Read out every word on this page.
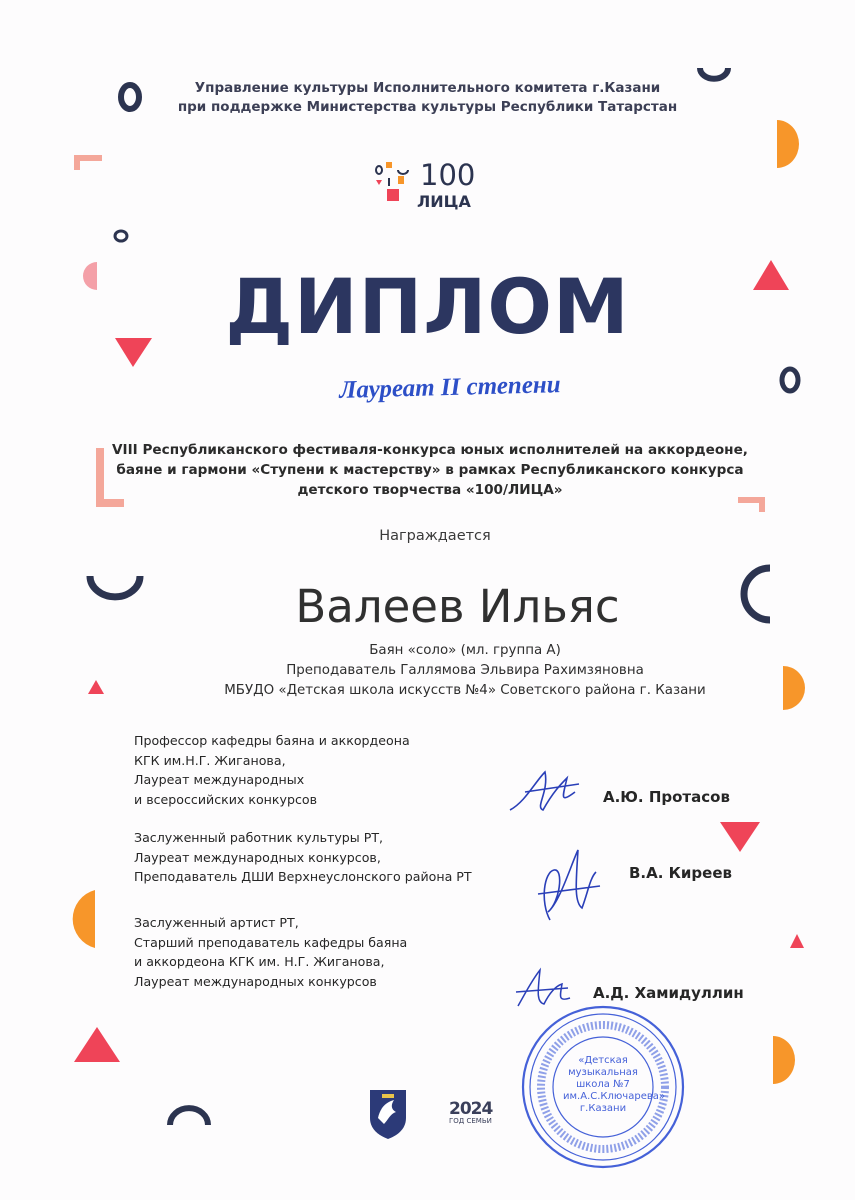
Управление культуры Исполнительного комитета г.Казани
при поддержке Министерства культуры Республики Татарстан
100
ЛИЦА
ДИПЛОМ
Лауреат II степени
VIII Республиканского фестиваля-конкурса юных исполнителей на аккордеоне,
баяне и гармони «Ступени к мастерству» в рамках Республиканского конкурса
детского творчества «100/ЛИЦА»
Награждается
Валеев Ильяс
Баян «соло» (мл. группа А)
Преподаватель Галлямова Эльвира Рахимзяновна
МБУДО «Детская школа искусств №4» Советского района г. Казани
Профессор кафедры баяна и аккордеона
КГК им.Н.Г. Жиганова,
Лауреат международных
и всероссийских конкурсов	А.Ю. Протасов
Заслуженный работник культуры РТ,
Лауреат международных конкурсов,
Преподаватель ДШИ Верхнеуслонского района РТ	В.А. Киреев
Заслуженный артист РТ,
Старший преподаватель кафедры баяна
и аккордеона КГК им. Н.Г. Жиганова,
Лауреат международных конкурсов
А.Д. Хамидуллин
«Детская
музыкальная
школа №7
им.А.С.Ключарева»
г.Казани
2024
ГОД СЕМЬИ
